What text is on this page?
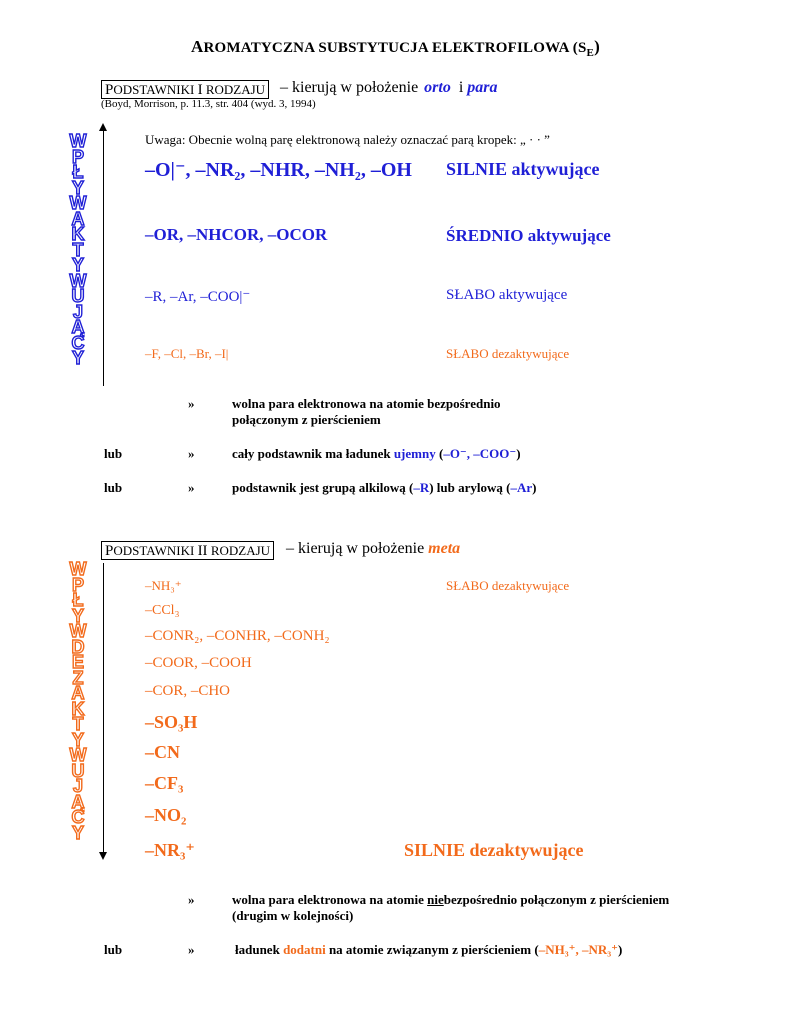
AROMATYCZNA SUBSTYTUCJA ELEKTROFILOWA $(S_E)$
PODSTAWNIKI I RODZAJU – kierują w położenie orto i para
(Boyd, Morrison, p. 11.3, str. 404 (wyd. 3, 1994)
W
P
Ł
Y
W
A
K
T
Y
W
U
J
Ą
C
Y
Uwaga: Obecnie wolną parę elektronową należy oznaczać parą kropek: „ · · ”
–O|⁻, –NR₂, –NHR, –NH₂, –OH SILNIE aktywujące
–OR, –NHCOR, –OCOR	ŚREDNIO aktywujące
–R, –Ar, –COO|⁻	SŁABO aktywujące
–F, –Cl, –Br, –I|	SŁABO dezaktywujące
»	wolna para elektronowa na atomie bezpośrednio
połączonym z pierścieniem
lub	»	cały podstawnik ma ładunek ujemny (–O⁻, –COO⁻)
lub	»	podstawnik jest grupą alkilową (–R) lub arylową (–Ar)
PODSTAWNIKI II RODZAJU – kierują w położenie meta
W
P
Ł
Y
W
D
E
Z
A
K
T
Y
W
U
J
Ą
C
Y
–NH₃⁺	SŁABO dezaktywujące
–CCl₃
–CONR₂, –CONHR, –CONH₂
–COOR, –COOH
–COR, –CHO
–SO₃H
–CN
–CF₃
–NO₂
–NR₃⁺	SILNIE dezaktywujące
»	wolna para elektronowa na atomie niebezpośrednio połączonym z pierścieniem
(drugim w kolejności)
lub	»	ładunek dodatni na atomie związanym z pierścieniem (–NH₃⁺, –NR₃⁺)
